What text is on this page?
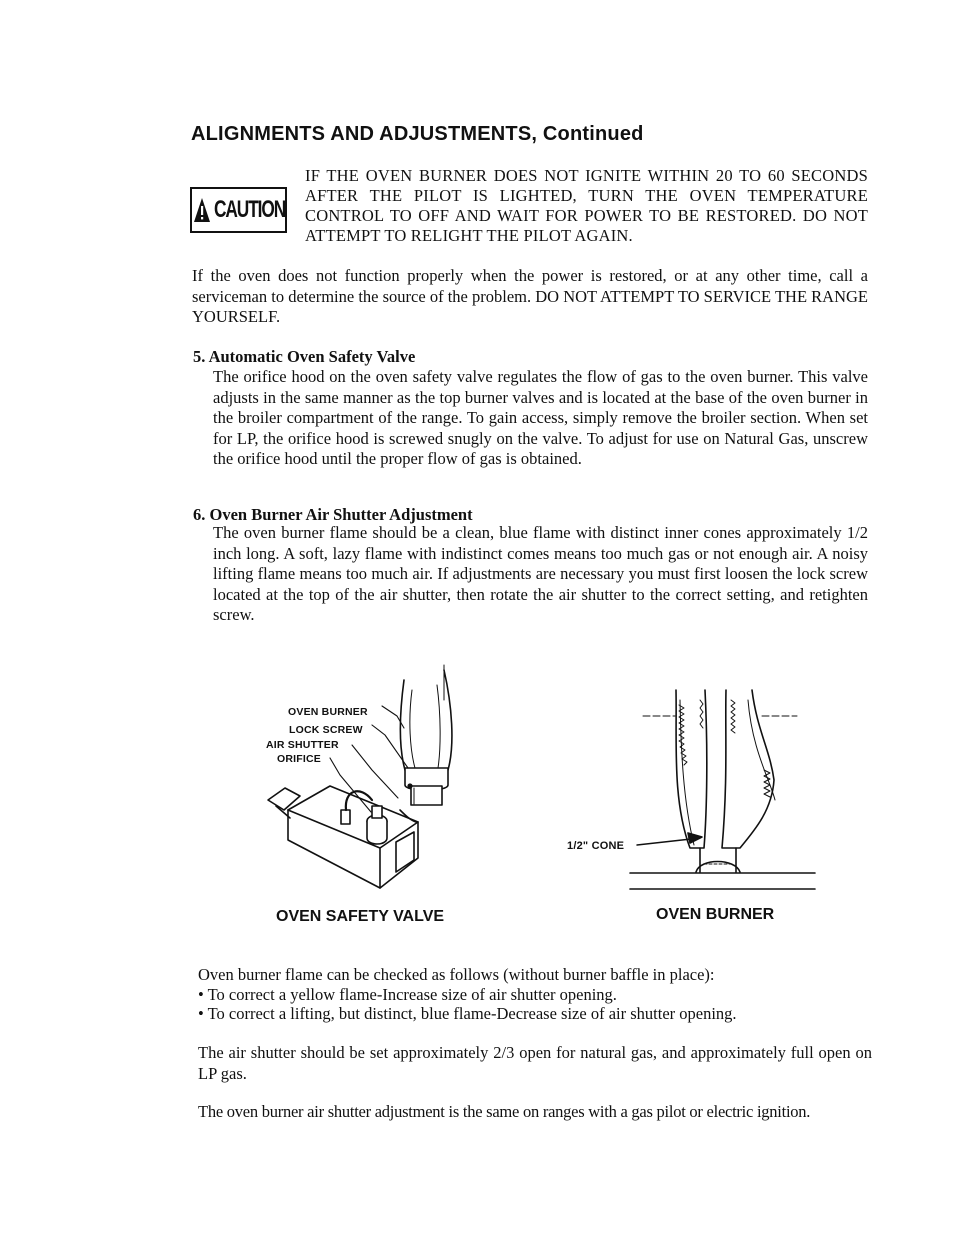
ALIGNMENTS AND ADJUSTMENTS, Continued
CAUTION

IF THE OVEN BURNER DOES NOT IGNITE WITHIN 20 TO 60 SECONDS AFTER THE PILOT IS LIGHTED, TURN THE OVEN TEMPERATURE CONTROL TO OFF AND WAIT FOR POWER TO BE RESTORED. DO NOT ATTEMPT TO RELIGHT THE PILOT AGAIN.

If the oven does not function properly when the power is restored, or at any other time, call a serviceman to determine the source of the problem. DO NOT ATTEMPT TO SERVICE THE RANGE YOURSELF.

5. Automatic Oven Safety Valve

The orifice hood on the oven safety valve regulates the flow of gas to the oven burner. This valve adjusts in the same manner as the top burner valves and is located at the base of the oven burner in the broiler compartment of the range. To gain access, simply remove the broiler section. When set for LP, the orifice hood is screwed snugly on the valve. To adjust for use on Natural Gas, unscrew the orifice hood until the proper flow of gas is obtained.

6. Oven Burner Air Shutter Adjustment

The oven burner flame should be a clean, blue flame with distinct inner cones approximately 1/2 inch long. A soft, lazy flame with indistinct comes means too much gas or not enough air. A noisy lifting flame means too much air. If adjustments are necessary you must first loosen the lock screw located at the top of the air shutter, then rotate the air shutter to the correct setting, and retighten screw.

OVEN BURNER
LOCK SCREW
AIR SHUTTER
ORIFICE
OVEN SAFETY VALVE
1/2" CONE
OVEN BURNER
Oven burner flame can be checked as follows (without burner baffle in place):
• To correct a yellow flame-Increase size of air shutter opening.
• To correct a lifting, but distinct, blue flame-Decrease size of air shutter opening.

The air shutter should be set approximately 2/3 open for natural gas, and approximately full open on LP gas.

The oven burner air shutter adjustment is the same on ranges with a gas pilot or electric ignition.
